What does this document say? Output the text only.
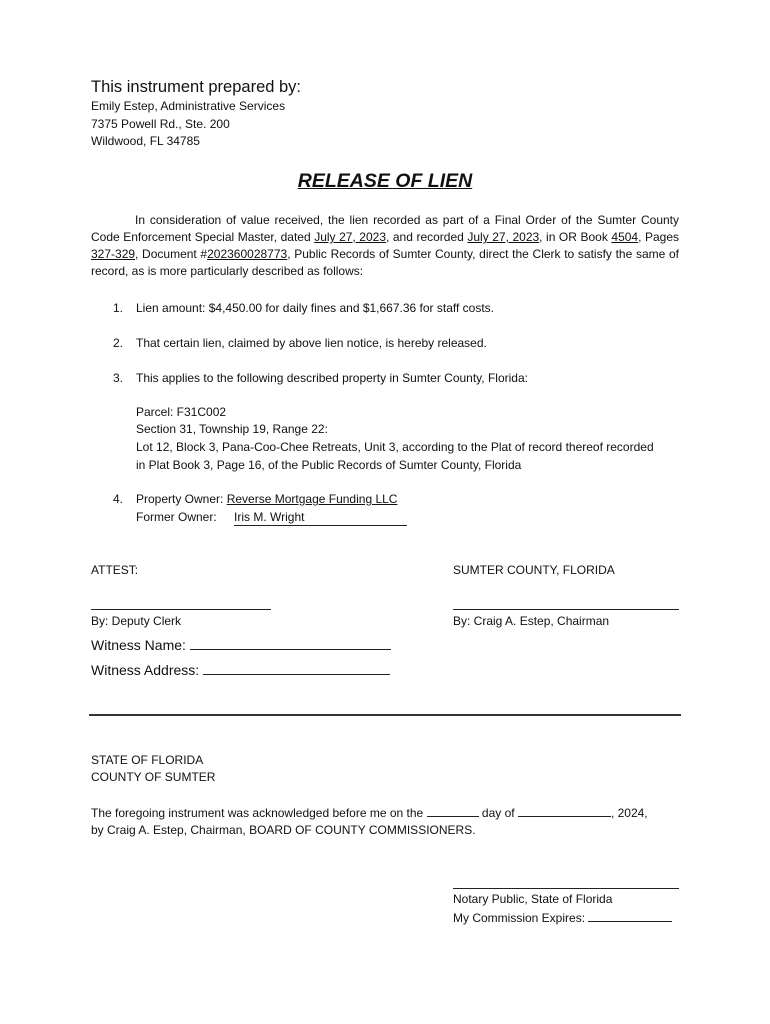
This instrument prepared by:
Emily Estep, Administrative Services
7375 Powell Rd., Ste. 200
Wildwood, FL 34785
RELEASE OF LIEN
In consideration of value received, the lien recorded as part of a Final Order of the Sumter County Code Enforcement Special Master, dated July 27, 2023, and recorded July 27, 2023, in OR Book 4504, Pages 327-329, Document #202360028773, Public Records of Sumter County, direct the Clerk to satisfy the same of record, as is more particularly described as follows:
1. Lien amount: $4,450.00 for daily fines and $1,667.36 for staff costs.
2. That certain lien, claimed by above lien notice, is hereby released.
3. This applies to the following described property in Sumter County, Florida:
Parcel: F31C002
Section 31, Township 19, Range 22:
Lot 12, Block 3, Pana-Coo-Chee Retreats, Unit 3, according to the Plat of record thereof recorded
in Plat Book 3, Page 16, of the Public Records of Sumter County, Florida
4. Property Owner: Reverse Mortgage Funding LLC
Former Owner: Iris M. Wright
ATTEST:	SUMTER COUNTY, FLORIDA
By: Deputy Clerk	By: Craig A. Estep, Chairman
Witness Name:
Witness Address:
STATE OF FLORIDA
COUNTY OF SUMTER
The foregoing instrument was acknowledged before me on the	day of	, 2024,
by Craig A. Estep, Chairman, BOARD OF COUNTY COMMISSIONERS.
Notary Public, State of Florida
My Commission Expires:
